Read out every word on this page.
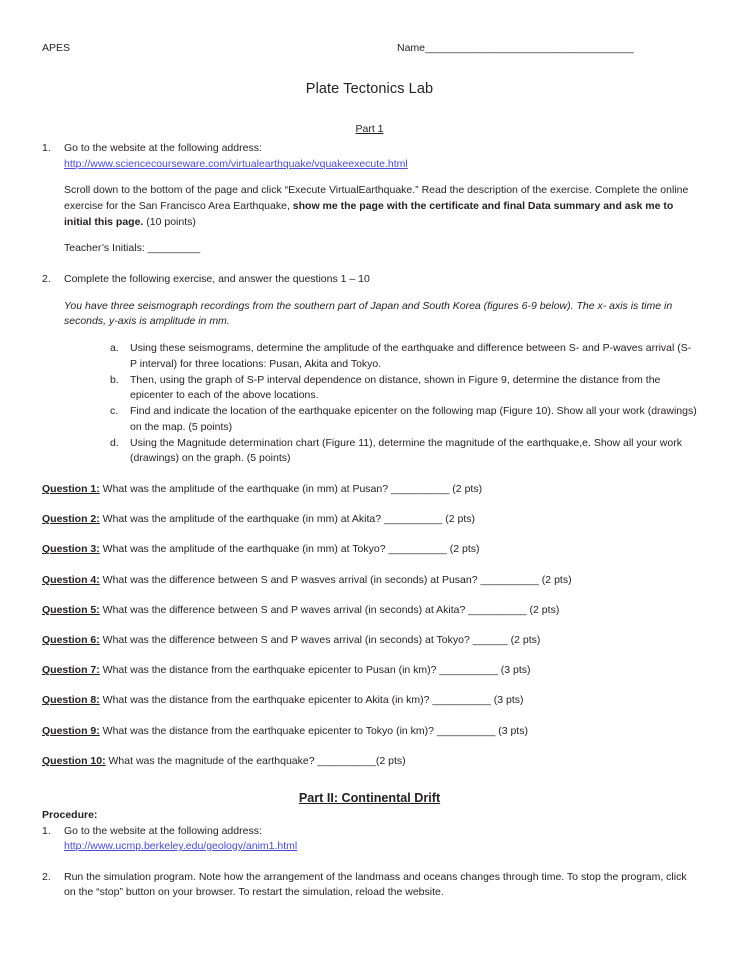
APES	Name_______________________________________
Plate Tectonics Lab
Part 1
1.	Go to the website at the following address:
http://www.sciencecourseware.com/virtualearthquake/vquakeexecute.html
Scroll down to the bottom of the page and click “Execute VirtualEarthquake.” Read the description of the exercise. Complete the online exercise for the San Francisco Area Earthquake, show me the page with the certificate and final Data summary and ask me to initial this page. (10 points)
Teacher’s Initials: _________
2.	Complete the following exercise, and answer the questions 1 – 10
You have three seismograph recordings from the southern part of Japan and South Korea (figures 6-9 below). The x- axis is time in seconds, y-axis is amplitude in mm.
a.	Using these seismograms, determine the amplitude of the earthquake and difference between S- and P-waves arrival (S-P interval) for three locations: Pusan, Akita and Tokyo.
b.	Then, using the graph of S-P interval dependence on distance, shown in Figure 9, determine the distance from the epicenter to each of the above locations.
c.	Find and indicate the location of the earthquake epicenter on the following map (Figure 10). Show all your work (drawings) on the map. (5 points)
d.	Using the Magnitude determination chart (Figure 11), determine the magnitude of the earthquake,e. Show all your work (drawings) on the graph. (5 points)
Question 1: What was the amplitude of the earthquake (in mm) at Pusan? __________ (2 pts)
Question 2: What was the amplitude of the earthquake (in mm) at Akita? __________ (2 pts)
Question 3: What was the amplitude of the earthquake (in mm) at Tokyo? __________ (2 pts)
Question 4: What was the difference between S and P wasves arrival (in seconds) at Pusan? __________ (2 pts)
Question 5: What was the difference between S and P waves arrival (in seconds) at Akita? __________ (2 pts)
Question 6: What was the difference between S and P waves arrival (in seconds) at Tokyo? ______ (2 pts)
Question 7: What was the distance from the earthquake epicenter to Pusan (in km)? __________ (3 pts)
Question 8: What was the distance from the earthquake epicenter to Akita (in km)? __________ (3 pts)
Question 9: What was the distance from the earthquake epicenter to Tokyo (in km)? __________ (3 pts)
Question 10: What was the magnitude of the earthquake? __________(2 pts)
Part II: Continental Drift
Procedure:
1.	Go to the website at the following address:
http://www.ucmp.berkeley.edu/geology/anim1.html
2.	Run the simulation program. Note how the arrangement of the landmass and oceans changes through time. To stop the program, click on the “stop” button on your browser. To restart the simulation, reload the website.
